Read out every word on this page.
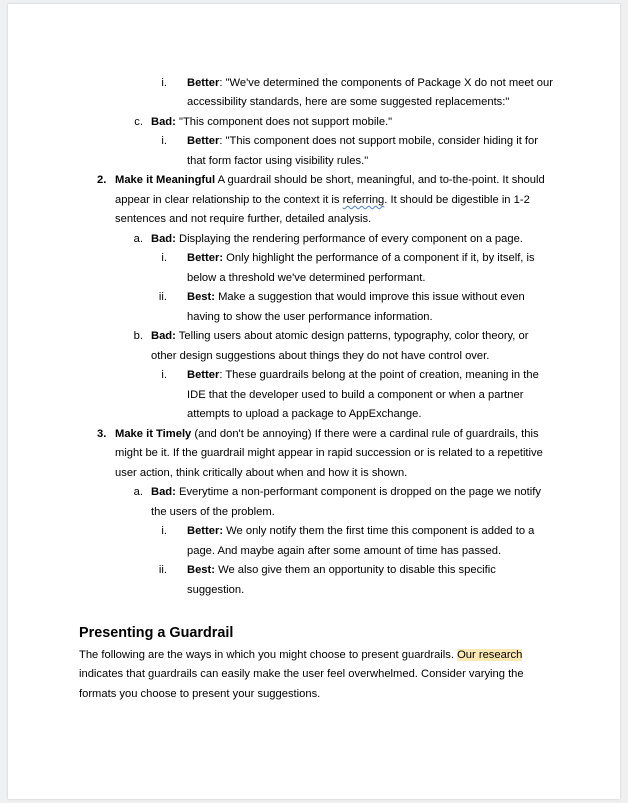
i. Better: "We've determined the components of Package X do not meet our
accessibility standards, here are some suggested replacements:"
c. Bad: "This component does not support mobile."
i. Better: "This component does not support mobile, consider hiding it for
that form factor using visibility rules."
2. Make it Meaningful A guardrail should be short, meaningful, and to-the-point. It should
appear in clear relationship to the context it is referring. It should be digestible in 1-2
sentences and not require further, detailed analysis.
a. Bad: Displaying the rendering performance of every component on a page.
i. Better: Only highlight the performance of a component if it, by itself, is
below a threshold we've determined performant.
ii. Best: Make a suggestion that would improve this issue without even
having to show the user performance information.
b. Bad: Telling users about atomic design patterns, typography, color theory, or
other design suggestions about things they do not have control over.
i. Better: These guardrails belong at the point of creation, meaning in the
IDE that the developer used to build a component or when a partner
attempts to upload a package to AppExchange.
3. Make it Timely (and don't be annoying) If there were a cardinal rule of guardrails, this
might be it. If the guardrail might appear in rapid succession or is related to a repetitive
user action, think critically about when and how it is shown.
a. Bad: Everytime a non-performant component is dropped on the page we notify
the users of the problem.
i. Better: We only notify them the first time this component is added to a
page. And maybe again after some amount of time has passed.
ii. Best: We also give them an opportunity to disable this specific
suggestion.
Presenting a Guardrail
The following are the ways in which you might choose to present guardrails. Our research
indicates that guardrails can easily make the user feel overwhelmed. Consider varying the
formats you choose to present your suggestions.
